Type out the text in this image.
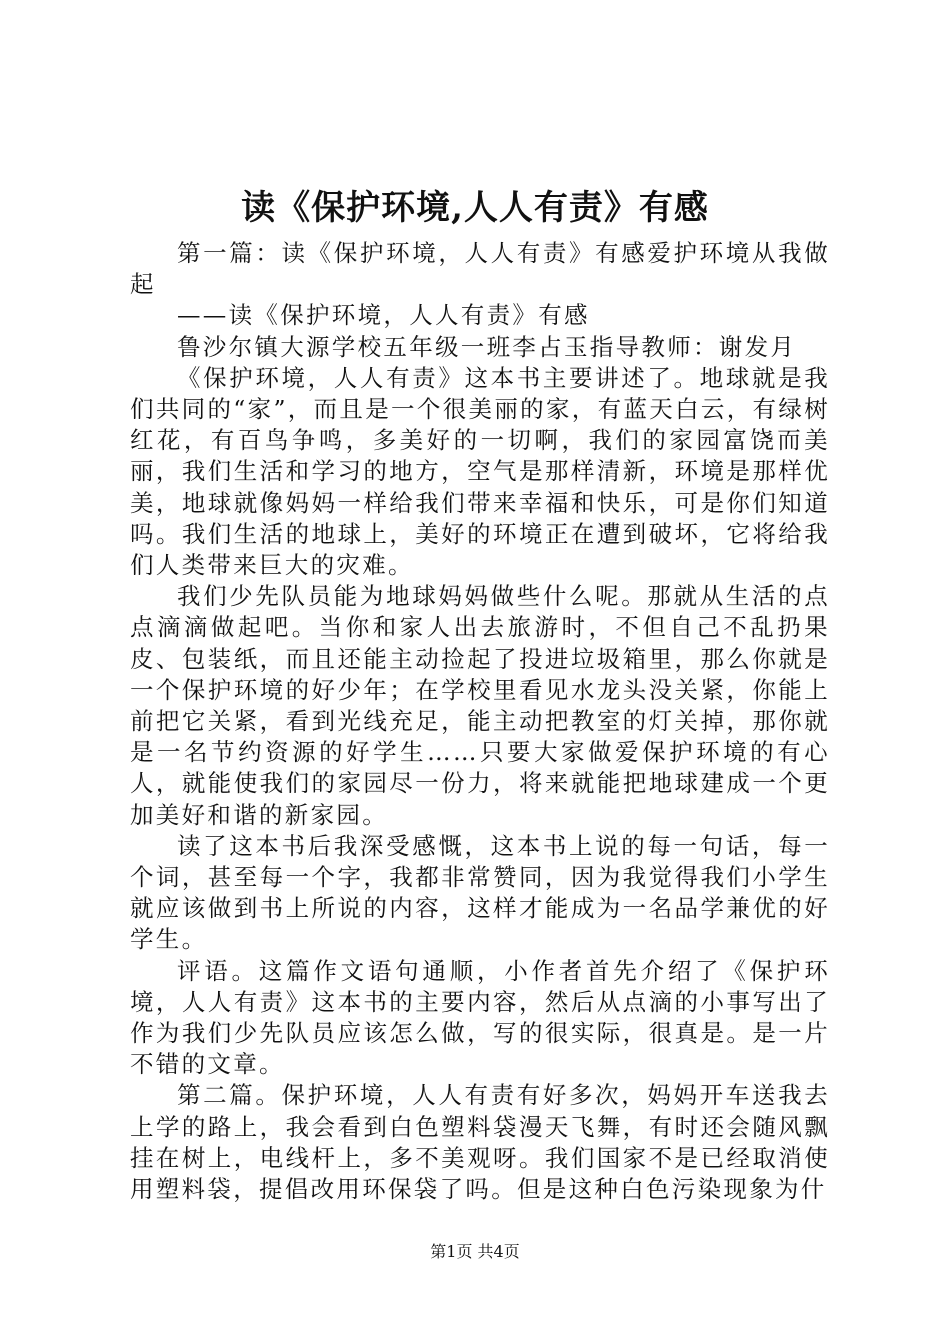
读《保护环境,人人有责》有感

第一篇：读《保护环境，人人有责》有感爱护环境从我做起

——读《保护环境，人人有责》有感

鲁沙尔镇大源学校五年级一班李占玉指导教师：谢发月

《保护环境，人人有责》这本书主要讲述了。地球就是我们共同的“家”，而且是一个很美丽的家，有蓝天白云，有绿树红花，有百鸟争鸣，多美好的一切啊，我们的家园富饶而美丽，我们生活和学习的地方，空气是那样清新，环境是那样优美，地球就像妈妈一样给我们带来幸福和快乐，可是你们知道吗。我们生活的地球上，美好的环境正在遭到破坏，它将给我们人类带来巨大的灾难。

我们少先队员能为地球妈妈做些什么呢。那就从生活的点点滴滴做起吧。当你和家人出去旅游时，不但自己不乱扔果皮、包装纸，而且还能主动捡起了投进垃圾箱里，那么你就是一个保护环境的好少年；在学校里看见水龙头没关紧，你能上前把它关紧，看到光线充足，能主动把教室的灯关掉，那你就是一名节约资源的好学生……只要大家做爱保护环境的有心人，就能使我们的家园尽一份力，将来就能把地球建成一个更加美好和谐的新家园。

读了这本书后我深受感慨，这本书上说的每一句话，每一个词，甚至每一个字，我都非常赞同，因为我觉得我们小学生就应该做到书上所说的内容，这样才能成为一名品学兼优的好学生。

评语。这篇作文语句通顺，小作者首先介绍了《保护环境，人人有责》这本书的主要内容，然后从点滴的小事写出了作为我们少先队员应该怎么做，写的很实际，很真是。是一片不错的文章。

第二篇。保护环境，人人有责有好多次，妈妈开车送我去上学的路上，我会看到白色塑料袋漫天飞舞，有时还会随风飘挂在树上，电线杆上，多不美观呀。我们国家不是已经取消使用塑料袋，提倡改用环保袋了吗。但是这种白色污染现象为什

第1页 共4页
